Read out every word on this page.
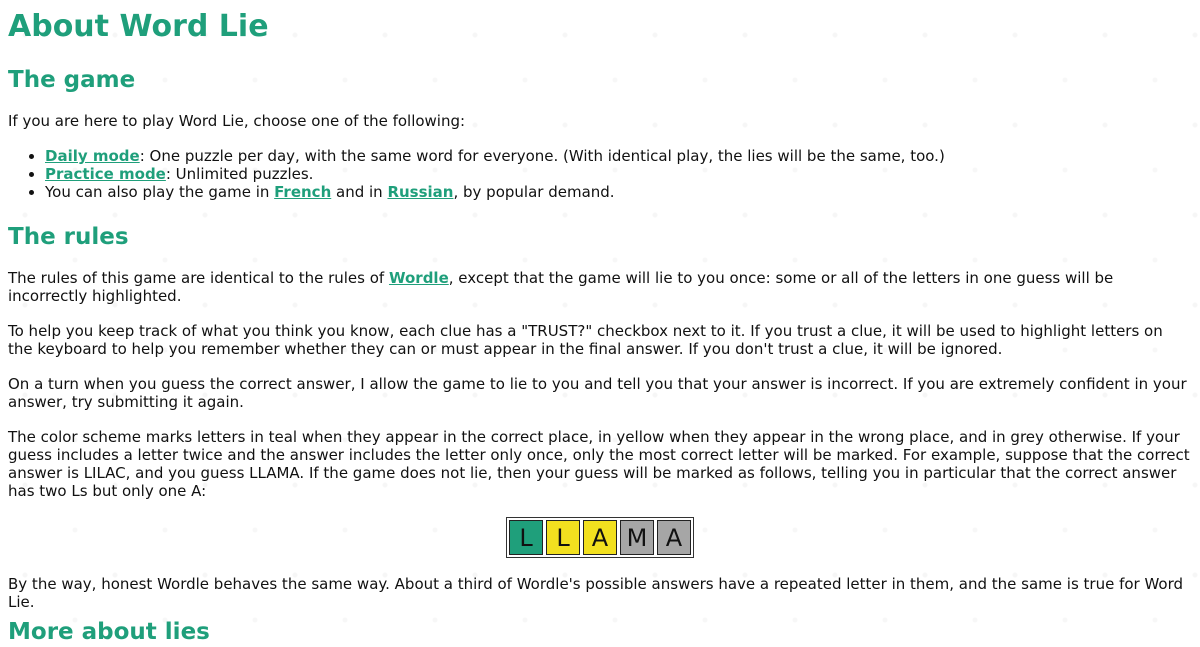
About Word Lie
The game

If you are here to play Word Lie, choose one of the following:

• Daily mode: One puzzle per day, with the same word for everyone. (With identical play, the lies will be the same, too.)
• Practice mode: Unlimited puzzles.
• You can also play the game in French and in Russian, by popular demand.
The rules

The rules of this game are identical to the rules of Wordle, except that the game will lie to you once: some or all of the letters in one guess will be incorrectly highlighted.

To help you keep track of what you think you know, each clue has a "TRUST?" checkbox next to it. If you trust a clue, it will be used to highlight letters on the keyboard to help you remember whether they can or must appear in the final answer. If you don't trust a clue, it will be ignored.

On a turn when you guess the correct answer, I allow the game to lie to you and tell you that your answer is incorrect. If you are extremely confident in your answer, try submitting it again.

The color scheme marks letters in teal when they appear in the correct place, in yellow when they appear in the wrong place, and in grey otherwise. If your guess includes a letter twice and the answer includes the letter only once, only the most correct letter will be marked. For example, suppose that the correct answer is LILAC, and you guess LLAMA. If the game does not lie, then your guess will be marked as follows, telling you in particular that the correct answer has two Ls but only one A:

L L A M A

By the way, honest Wordle behaves the same way. About a third of Wordle's possible answers have a repeated letter in them, and the same is true for Word Lie.

More about lies
